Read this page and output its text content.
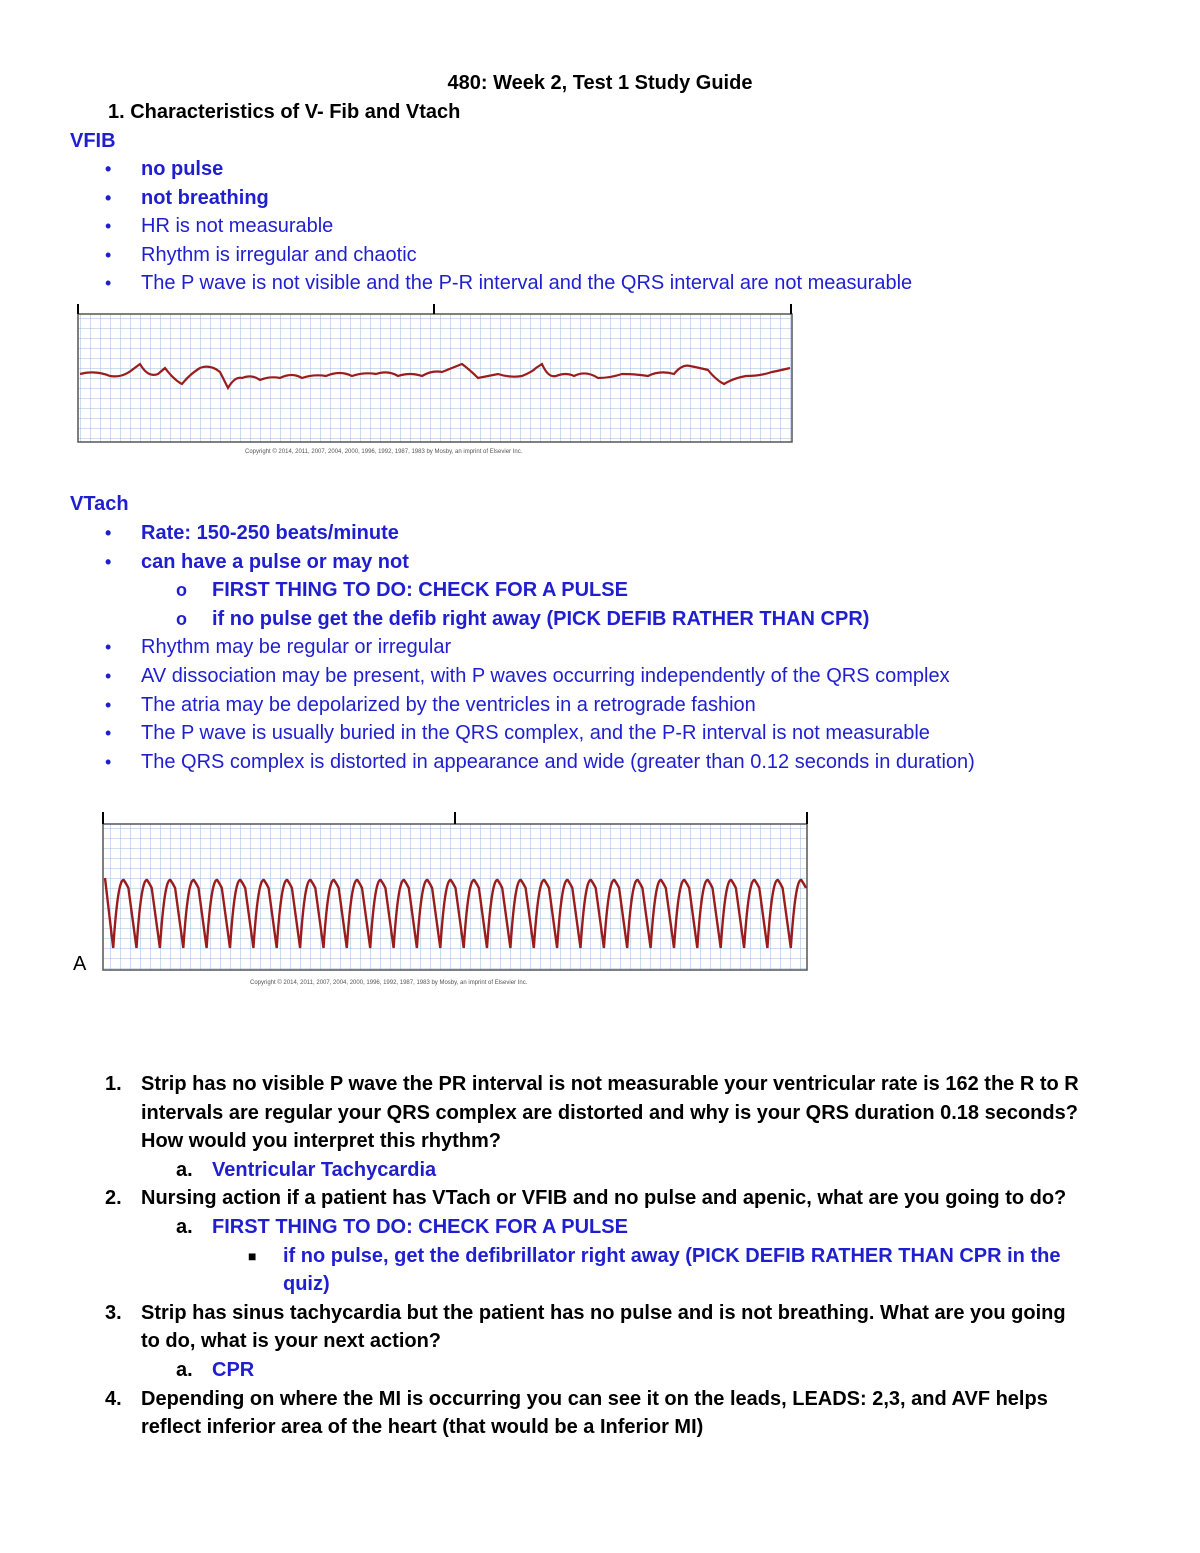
480: Week 2, Test 1 Study Guide
1. Characteristics of V- Fib and Vtach
VFIB
• no pulse
• not breathing
• HR is not measurable
• Rhythm is irregular and chaotic
• The P wave is not visible and the P-R interval and the QRS interval are not measurable
Copyright © 2014, 2011, 2007, 2004, 2000, 1996, 1992, 1987, 1983 by Mosby, an imprint of Elsevier Inc.
VTach
• Rate: 150-250 beats/minute
• can have a pulse or may not
o FIRST THING TO DO: CHECK FOR A PULSE
o if no pulse get the defib right away (PICK DEFIB RATHER THAN CPR)
• Rhythm may be regular or irregular
• AV dissociation may be present, with P waves occurring independently of the QRS complex
• The atria may be depolarized by the ventricles in a retrograde fashion
• The P wave is usually buried in the QRS complex, and the P-R interval is not measurable
• The QRS complex is distorted in appearance and wide (greater than 0.12 seconds in duration)
A
Copyright © 2014, 2011, 2007, 2004, 2000, 1996, 1992, 1987, 1983 by Mosby, an imprint of Elsevier Inc.
1. Strip has no visible P wave the PR interval is not measurable your ventricular rate is 162 the R to R intervals are regular your QRS complex are distorted and why is your QRS duration 0.18 seconds? How would you interpret this rhythm?
a. Ventricular Tachycardia
2. Nursing action if a patient has VTach or VFIB and no pulse and apenic, what are you going to do?
a. FIRST THING TO DO: CHECK FOR A PULSE
■ if no pulse, get the defibrillator right away (PICK DEFIB RATHER THAN CPR in the quiz)
3. Strip has sinus tachycardia but the patient has no pulse and is not breathing. What are you going to do, what is your next action?
a. CPR
4. Depending on where the MI is occurring you can see it on the leads, LEADS: 2,3, and AVF helps reflect inferior area of the heart (that would be a Inferior MI)
